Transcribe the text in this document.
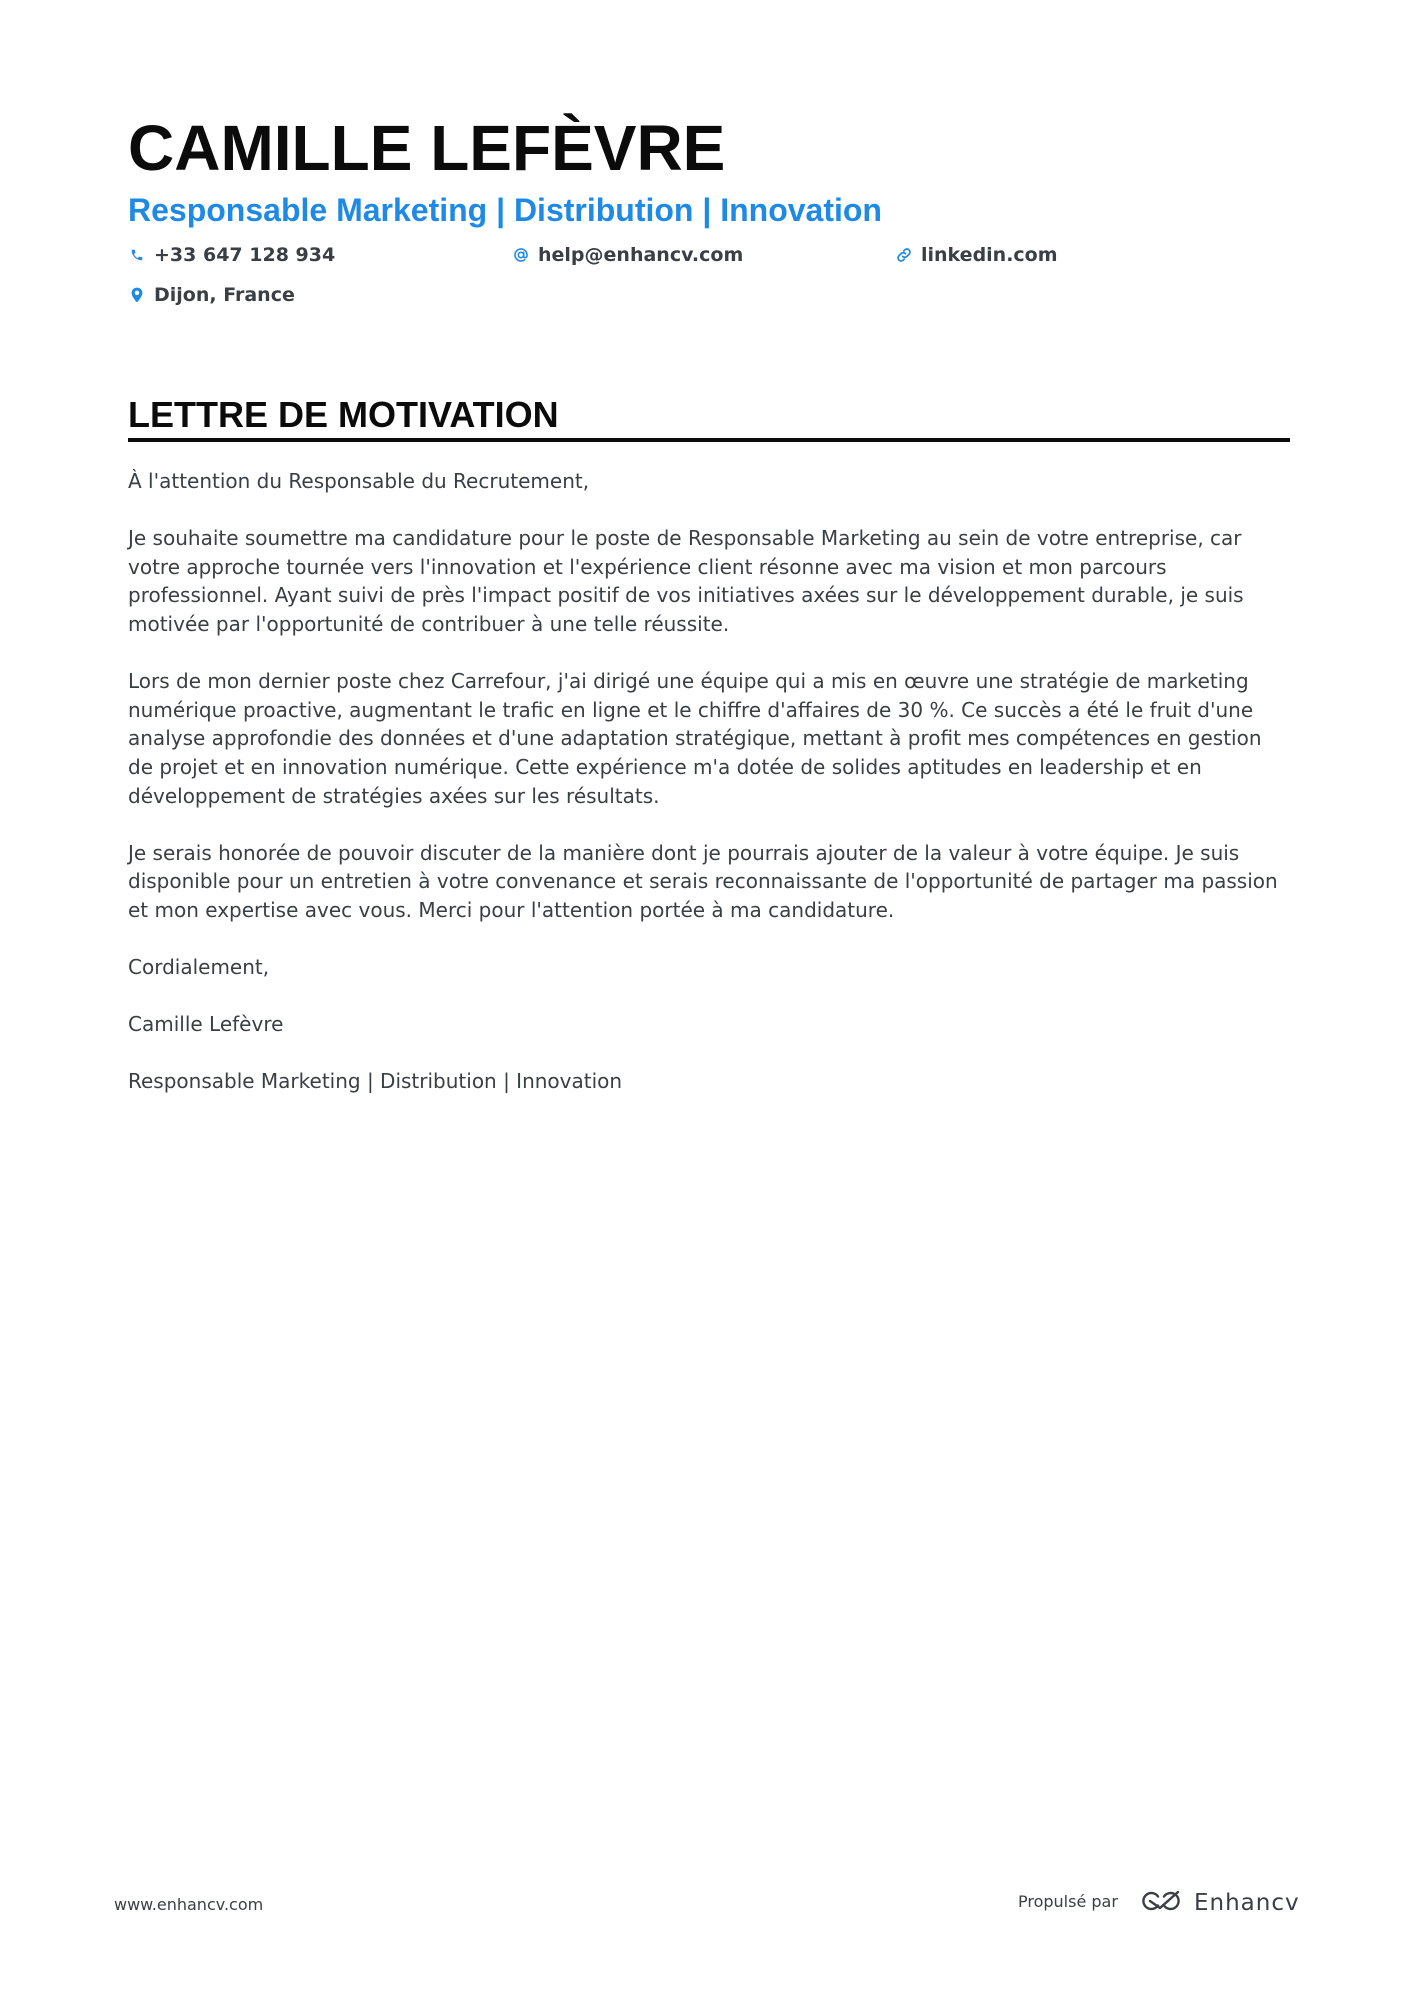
CAMILLE LEFÈVRE
Responsable Marketing | Distribution | Innovation
+33 647 128 934	help@enhancv.com	linkedin.com
Dijon, France
LETTRE DE MOTIVATION

À l'attention du Responsable du Recrutement,

Je souhaite soumettre ma candidature pour le poste de Responsable Marketing au sein de votre entreprise, car votre approche tournée vers l'innovation et l'expérience client résonne avec ma vision et mon parcours professionnel. Ayant suivi de près l'impact positif de vos initiatives axées sur le développement durable, je suis motivée par l'opportunité de contribuer à une telle réussite.

Lors de mon dernier poste chez Carrefour, j'ai dirigé une équipe qui a mis en œuvre une stratégie de marketing numérique proactive, augmentant le trafic en ligne et le chiffre d'affaires de 30 %. Ce succès a été le fruit d'une analyse approfondie des données et d'une adaptation stratégique, mettant à profit mes compétences en gestion de projet et en innovation numérique. Cette expérience m'a dotée de solides aptitudes en leadership et en développement de stratégies axées sur les résultats.

Je serais honorée de pouvoir discuter de la manière dont je pourrais ajouter de la valeur à votre équipe. Je suis disponible pour un entretien à votre convenance et serais reconnaissante de l'opportunité de partager ma passion et mon expertise avec vous. Merci pour l'attention portée à ma candidature.

Cordialement,

Camille Lefèvre

Responsable Marketing | Distribution | Innovation

www.enhancv.com	Propulsé par	Enhancv
